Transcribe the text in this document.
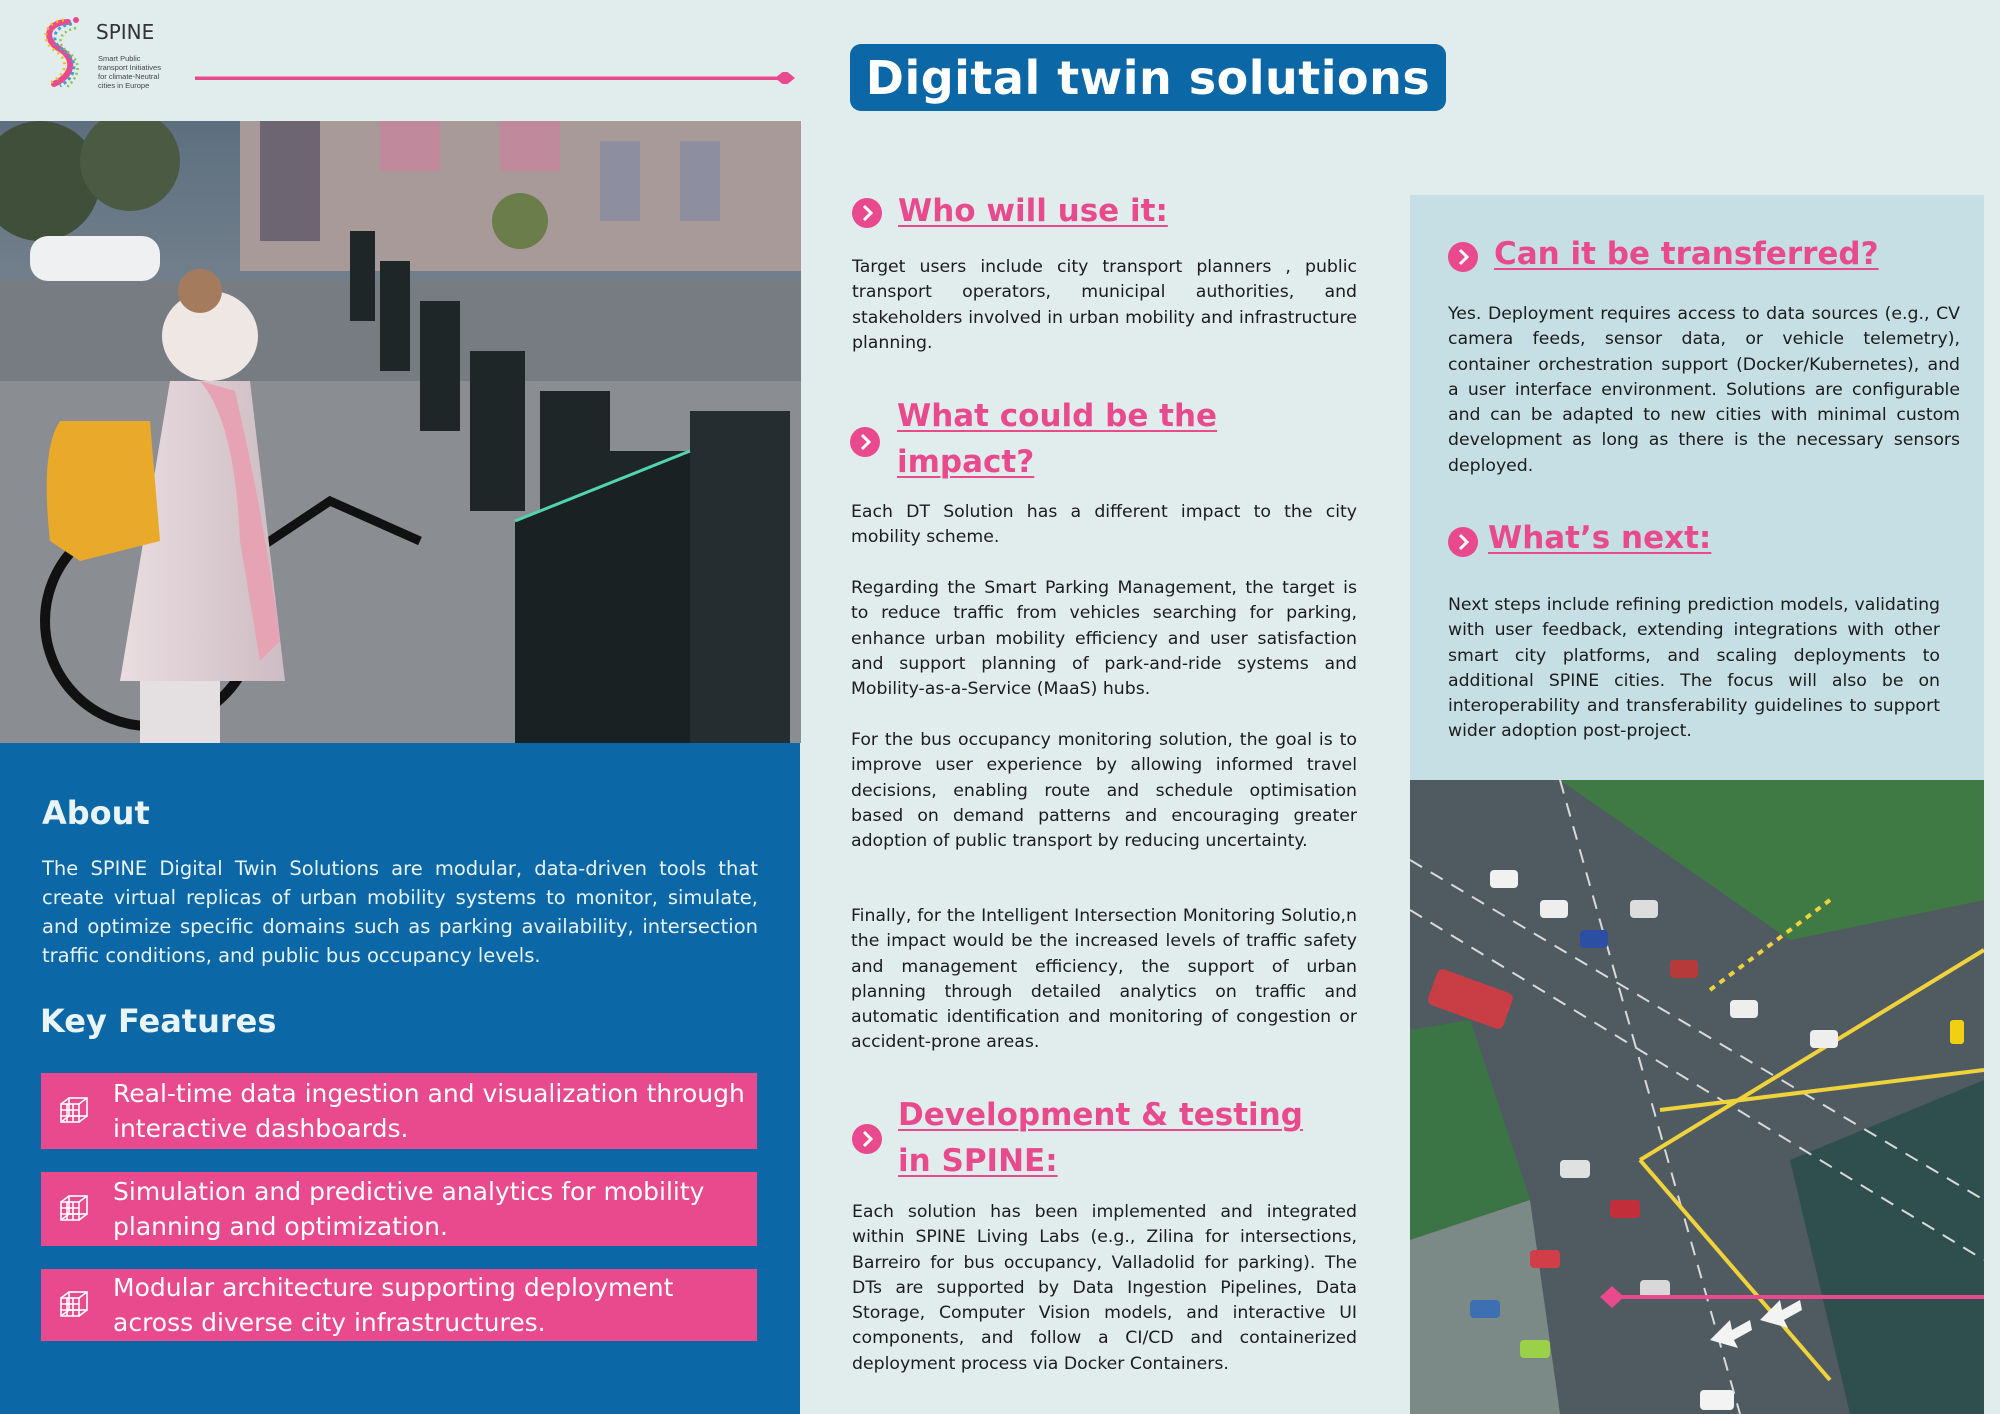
SPINE
Smart Public
transport Initiatives
for climate-Neutral
cities in Europe	Digital twin solutions
About

The SPINE Digital Twin Solutions are modular, data-driven tools that create virtual replicas of urban mobility systems to monitor, simulate, and optimize specific domains such as parking availability, intersection traffic conditions, and public bus occupancy levels.

Key Features
Real-time data ingestion and visualization through interactive dashboards.
Simulation and predictive analytics for mobility planning and optimization.
Modular architecture supporting deployment across diverse city infrastructures.
Who will use it:

Target users include city transport planners , public transport operators, municipal authorities, and stakeholders involved in urban mobility and infrastructure planning.

What could be the impact?

Each DT Solution has a different impact to the city mobility scheme.

Regarding the Smart Parking Management, the target is to reduce traffic from vehicles searching for parking, enhance urban mobility efficiency and user satisfaction and support planning of park-and-ride systems and Mobility-as-a-Service (MaaS) hubs.

For the bus occupancy monitoring solution, the goal is to improve user experience by allowing informed travel decisions, enabling route and schedule optimisation based on demand patterns and encouraging greater adoption of public transport by reducing uncertainty.

Finally, for the Intelligent Intersection Monitoring Solutio,n the impact would be the increased levels of traffic safety and management efficiency, the support of urban planning through detailed analytics on traffic and automatic identification and monitoring of congestion or accident-prone areas.

Development & testing in SPINE:

Each solution has been implemented and integrated within SPINE Living Labs (e.g., Zilina for intersections, Barreiro for bus occupancy, Valladolid for parking). The DTs are supported by Data Ingestion Pipelines, Data Storage, Computer Vision models, and interactive UI components, and follow a CI/CD and containerized deployment process via Docker Containers.

Can it be transferred?

Yes. Deployment requires access to data sources (e.g., CV camera feeds, sensor data, or vehicle telemetry), container orchestration support (Docker/Kubernetes), and a user interface environment. Solutions are configurable and can be adapted to new cities with minimal custom development as long as there is the necessary sensors deployed.

What’s next:

Next steps include refining prediction models, validating with user feedback, extending integrations with other smart city platforms, and scaling deployments to additional SPINE cities. The focus will also be on interoperability and transferability guidelines to support wider adoption post-project.
